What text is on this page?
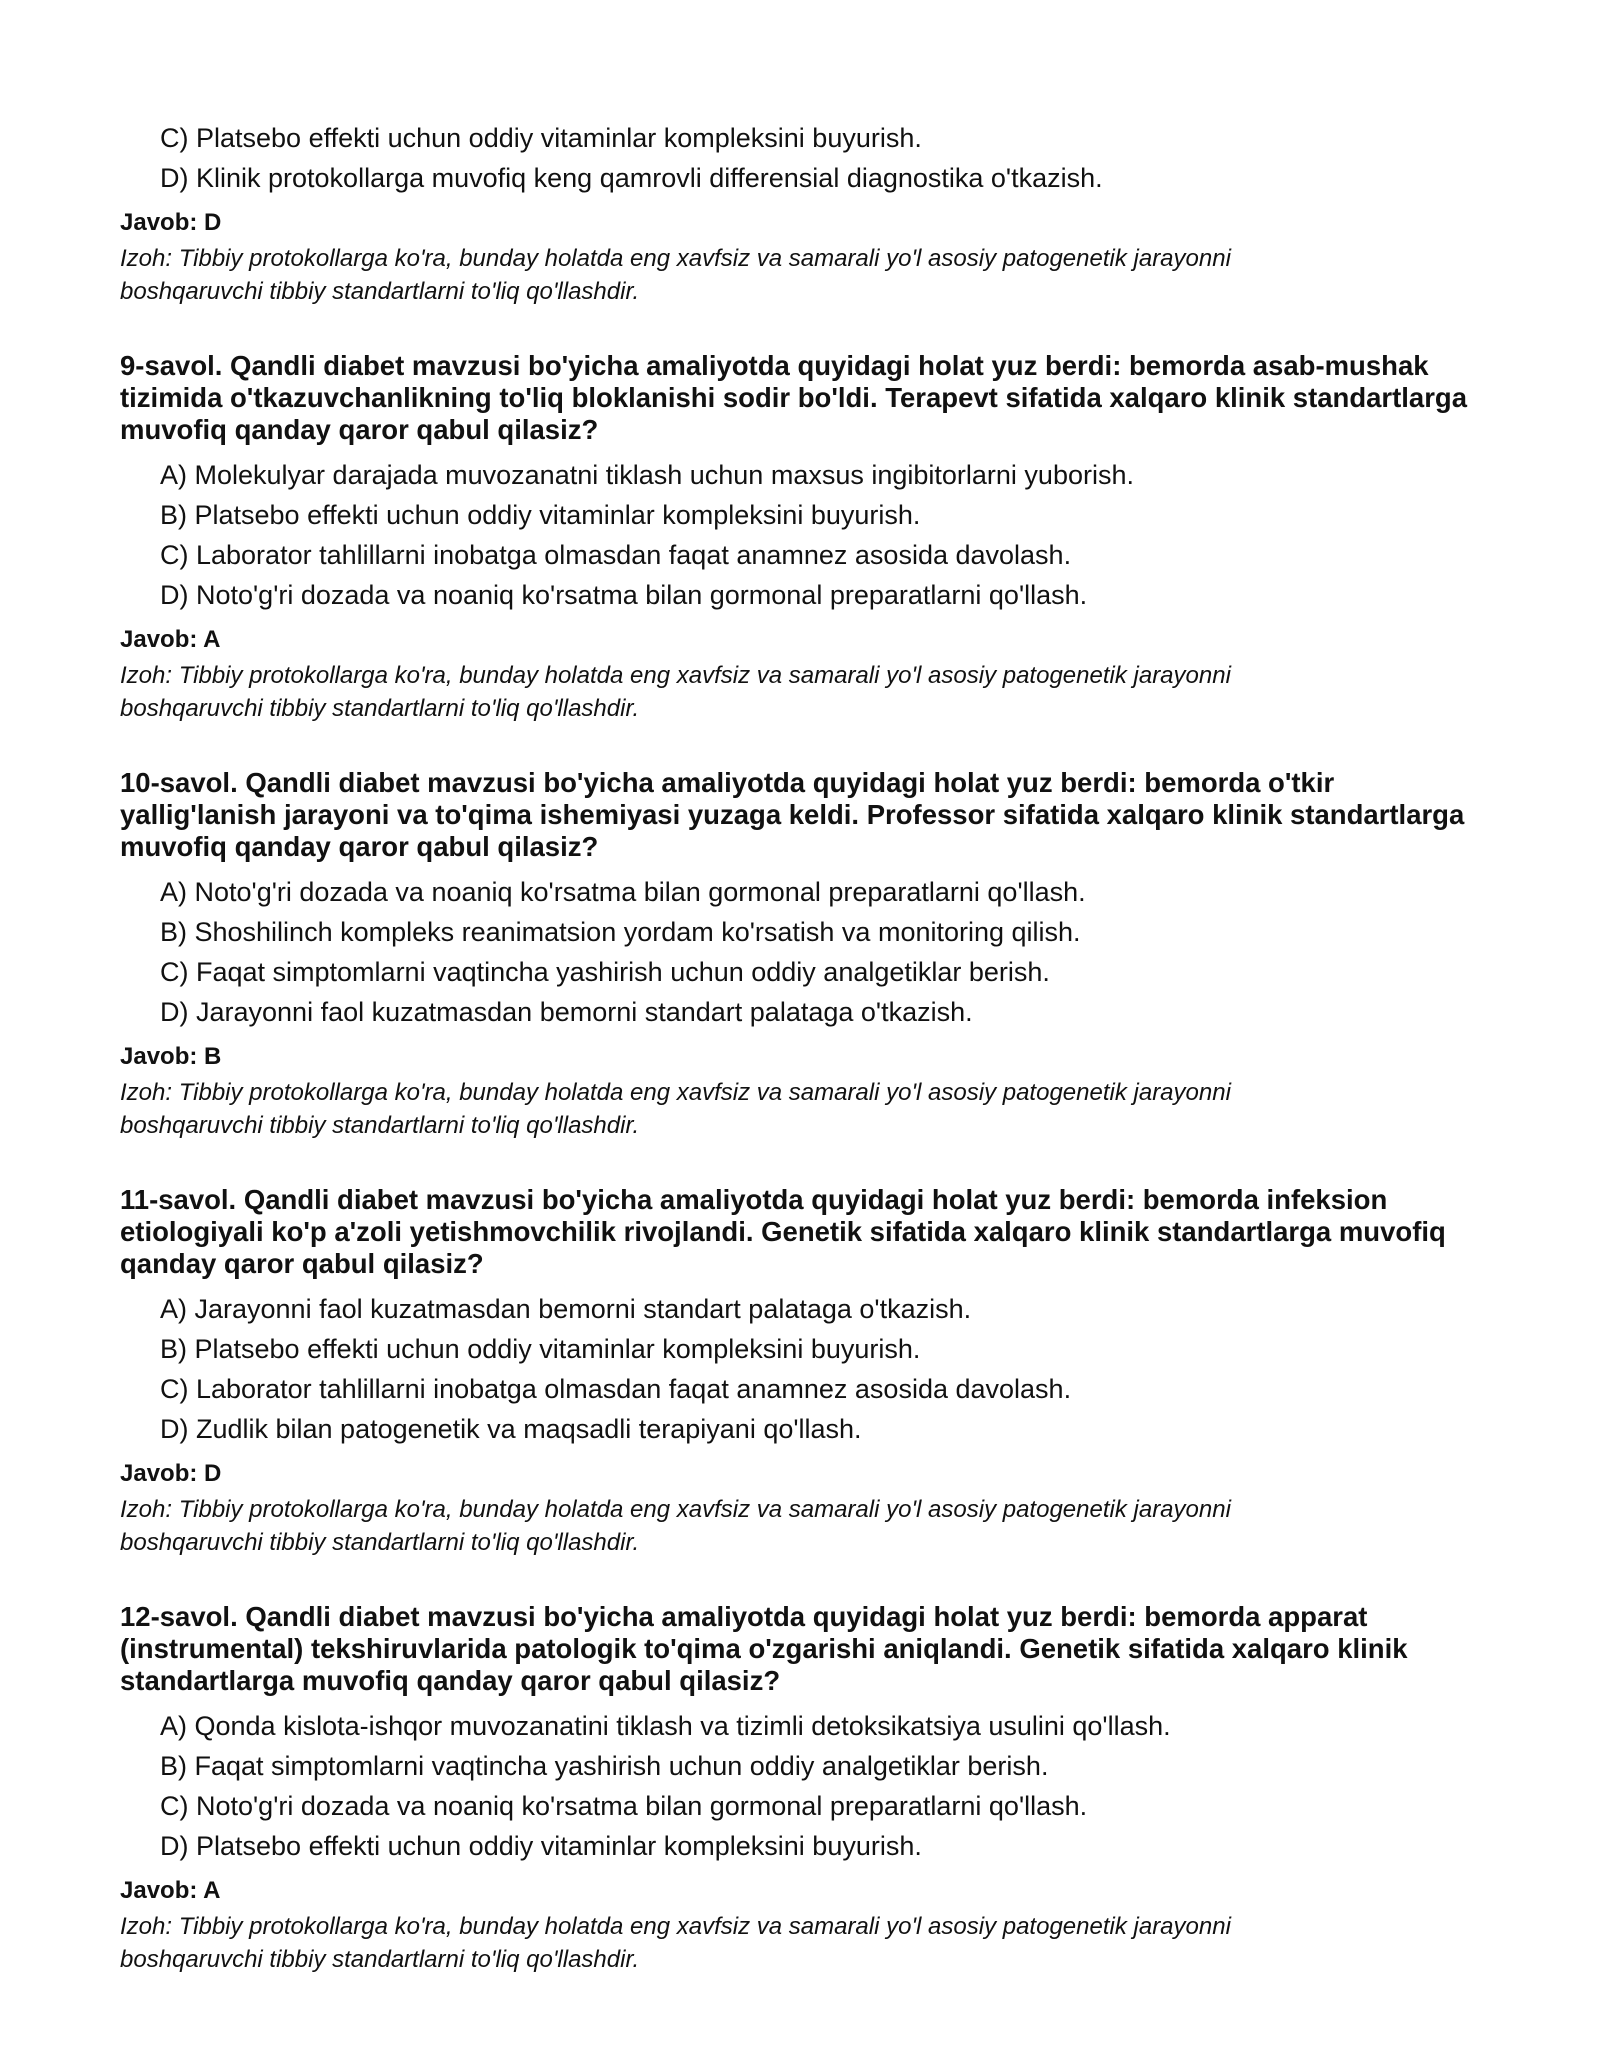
C) Platsebo effekti uchun oddiy vitaminlar kompleksini buyurish.
D) Klinik protokollarga muvofiq keng qamrovli differensial diagnostika o'tkazish.
Javob: D
Izoh: Tibbiy protokollarga ko'ra, bunday holatda eng xavfsiz va samarali yo'l asosiy patogenetik jarayonni boshqaruvchi tibbiy standartlarni to'liq qo'llashdir.
9-savol. Qandli diabet mavzusi bo'yicha amaliyotda quyidagi holat yuz berdi: bemorda asab-mushak tizimida o'tkazuvchanlikning to'liq bloklanishi sodir bo'ldi. Terapevt sifatida xalqaro klinik standartlarga muvofiq qanday qaror qabul qilasiz?
A) Molekulyar darajada muvozanatni tiklash uchun maxsus ingibitorlarni yuborish.
B) Platsebo effekti uchun oddiy vitaminlar kompleksini buyurish.
C) Laborator tahlillarni inobatga olmasdan faqat anamnez asosida davolash.
D) Noto'g'ri dozada va noaniq ko'rsatma bilan gormonal preparatlarni qo'llash.
Javob: A
Izoh: Tibbiy protokollarga ko'ra, bunday holatda eng xavfsiz va samarali yo'l asosiy patogenetik jarayonni boshqaruvchi tibbiy standartlarni to'liq qo'llashdir.
10-savol. Qandli diabet mavzusi bo'yicha amaliyotda quyidagi holat yuz berdi: bemorda o'tkir yallig'lanish jarayoni va to'qima ishemiyasi yuzaga keldi. Professor sifatida xalqaro klinik standartlarga muvofiq qanday qaror qabul qilasiz?
A) Noto'g'ri dozada va noaniq ko'rsatma bilan gormonal preparatlarni qo'llash.
B) Shoshilinch kompleks reanimatsion yordam ko'rsatish va monitoring qilish.
C) Faqat simptomlarni vaqtincha yashirish uchun oddiy analgetiklar berish.
D) Jarayonni faol kuzatmasdan bemorni standart palataga o'tkazish.
Javob: B
Izoh: Tibbiy protokollarga ko'ra, bunday holatda eng xavfsiz va samarali yo'l asosiy patogenetik jarayonni boshqaruvchi tibbiy standartlarni to'liq qo'llashdir.
11-savol. Qandli diabet mavzusi bo'yicha amaliyotda quyidagi holat yuz berdi: bemorda infeksion etiologiyali ko'p a'zoli yetishmovchilik rivojlandi. Genetik sifatida xalqaro klinik standartlarga muvofiq qanday qaror qabul qilasiz?
A) Jarayonni faol kuzatmasdan bemorni standart palataga o'tkazish.
B) Platsebo effekti uchun oddiy vitaminlar kompleksini buyurish.
C) Laborator tahlillarni inobatga olmasdan faqat anamnez asosida davolash.
D) Zudlik bilan patogenetik va maqsadli terapiyani qo'llash.
Javob: D
Izoh: Tibbiy protokollarga ko'ra, bunday holatda eng xavfsiz va samarali yo'l asosiy patogenetik jarayonni boshqaruvchi tibbiy standartlarni to'liq qo'llashdir.
12-savol. Qandli diabet mavzusi bo'yicha amaliyotda quyidagi holat yuz berdi: bemorda apparat (instrumental) tekshiruvlarida patologik to'qima o'zgarishi aniqlandi. Genetik sifatida xalqaro klinik standartlarga muvofiq qanday qaror qabul qilasiz?
A) Qonda kislota-ishqor muvozanatini tiklash va tizimli detoksikatsiya usulini qo'llash.
B) Faqat simptomlarni vaqtincha yashirish uchun oddiy analgetiklar berish.
C) Noto'g'ri dozada va noaniq ko'rsatma bilan gormonal preparatlarni qo'llash.
D) Platsebo effekti uchun oddiy vitaminlar kompleksini buyurish.
Javob: A
Izoh: Tibbiy protokollarga ko'ra, bunday holatda eng xavfsiz va samarali yo'l asosiy patogenetik jarayonni boshqaruvchi tibbiy standartlarni to'liq qo'llashdir.
